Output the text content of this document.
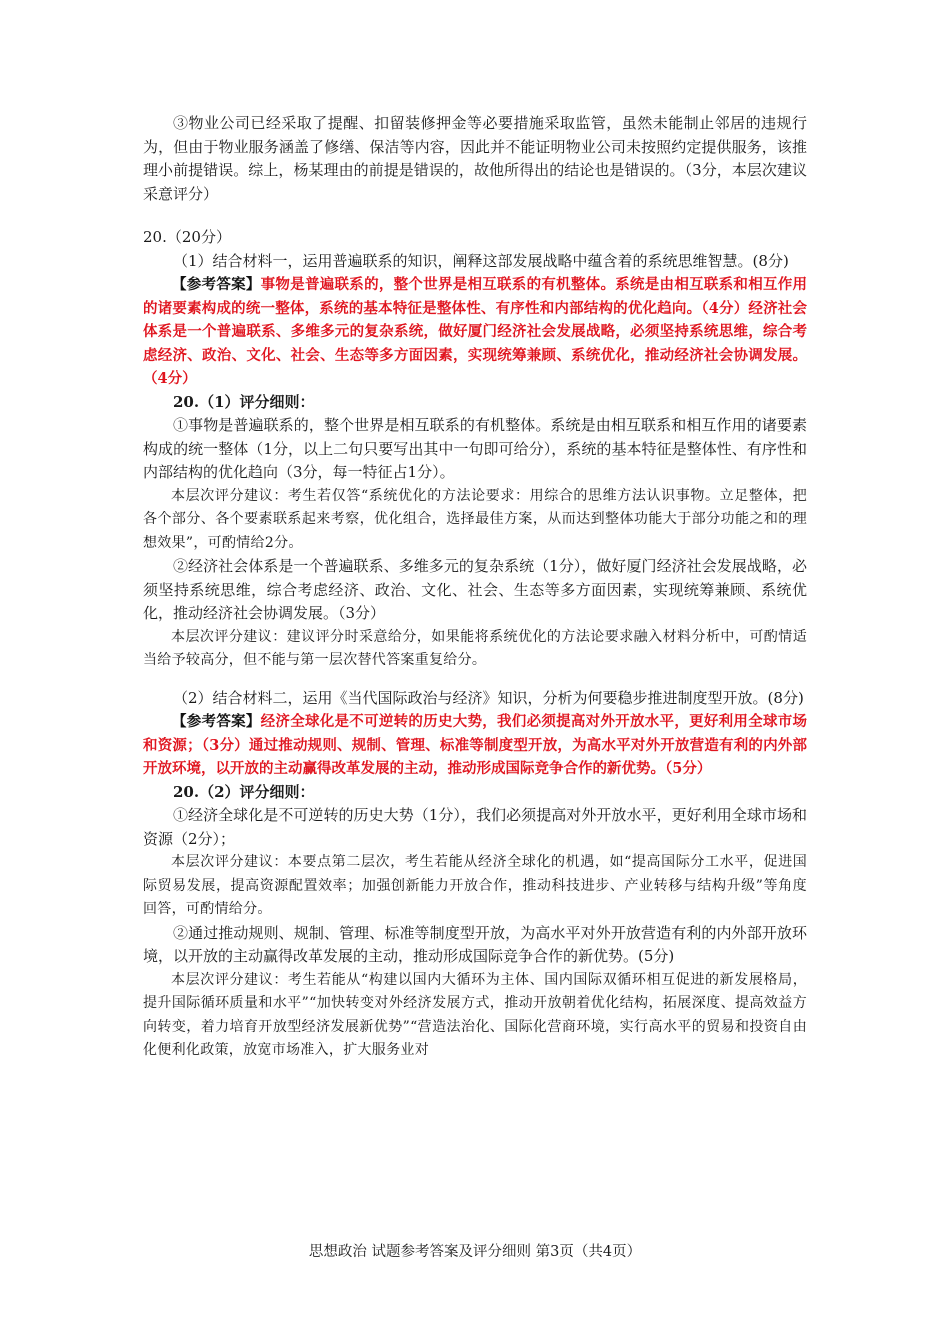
③物业公司已经采取了提醒、扣留装修押金等必要措施采取监管，虽然未能制止邻居的违规行为，但由于物业服务涵盖了修缮、保洁等内容，因此并不能证明物业公司未按照约定提供服务，该推理小前提错误。综上，杨某理由的前提是错误的，故他所得出的结论也是错误的。（3分，本层次建议采意评分）

20.（20分）

（1）结合材料一，运用普遍联系的知识，阐释这部发展战略中蕴含着的系统思维智慧。(8分)

【参考答案】事物是普遍联系的，整个世界是相互联系的有机整体。系统是由相互联系和相互作用的诸要素构成的统一整体，系统的基本特征是整体性、有序性和内部结构的优化趋向。（4分）经济社会体系是一个普遍联系、多维多元的复杂系统，做好厦门经济社会发展战略，必须坚持系统思维，综合考虑经济、政治、文化、社会、生态等多方面因素，实现统筹兼顾、系统优化，推动经济社会协调发展。（4分）

20.（1）评分细则：

①事物是普遍联系的，整个世界是相互联系的有机整体。系统是由相互联系和相互作用的诸要素构成的统一整体（1分，以上二句只要写出其中一句即可给分），系统的基本特征是整体性、有序性和内部结构的优化趋向（3分，每一特征占1分）。

本层次评分建议：考生若仅答“系统优化的方法论要求：用综合的思维方法认识事物。立足整体，把各个部分、各个要素联系起来考察，优化组合，选择最佳方案，从而达到整体功能大于部分功能之和的理想效果”，可酌情给2分。

②经济社会体系是一个普遍联系、多维多元的复杂系统（1分），做好厦门经济社会发展战略，必须坚持系统思维，综合考虑经济、政治、文化、社会、生态等多方面因素，实现统筹兼顾、系统优化，推动经济社会协调发展。（3分）

本层次评分建议：建议评分时采意给分，如果能将系统优化的方法论要求融入材料分析中，可酌情适当给予较高分，但不能与第一层次替代答案重复给分。

（2）结合材料二，运用《当代国际政治与经济》知识，分析为何要稳步推进制度型开放。(8分)

【参考答案】经济全球化是不可逆转的历史大势，我们必须提高对外开放水平，更好利用全球市场和资源；（3分）通过推动规则、规制、管理、标准等制度型开放，为高水平对外开放营造有利的内外部开放环境，以开放的主动赢得改革发展的主动，推动形成国际竞争合作的新优势。（5分）

20.（2）评分细则：

①经济全球化是不可逆转的历史大势（1分），我们必须提高对外开放水平，更好利用全球市场和资源（2分）；

本层次评分建议：本要点第二层次，考生若能从经济全球化的机遇，如“提高国际分工水平，促进国际贸易发展，提高资源配置效率；加强创新能力开放合作，推动科技进步、产业转移与结构升级”等角度回答，可酌情给分。

②通过推动规则、规制、管理、标准等制度型开放，为高水平对外开放营造有利的内外部开放环境，以开放的主动赢得改革发展的主动，推动形成国际竞争合作的新优势。(5分)

本层次评分建议：考生若能从“构建以国内大循环为主体、国内国际双循环相互促进的新发展格局，提升国际循环质量和水平”“加快转变对外经济发展方式，推动开放朝着优化结构，拓展深度、提高效益方向转变，着力培育开放型经济发展新优势”“营造法治化、国际化营商环境，实行高水平的贸易和投资自由化便利化政策，放宽市场准入，扩大服务业对

思想政治 试题参考答案及评分细则 第3页（共4页）
